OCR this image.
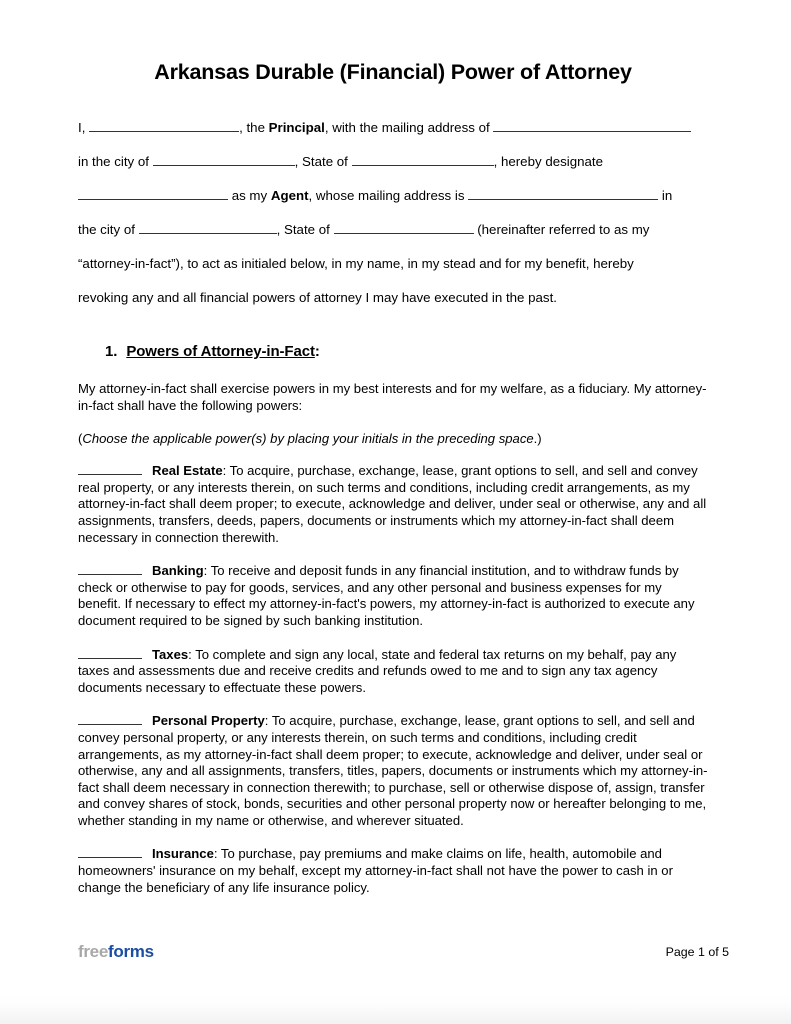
Arkansas Durable (Financial) Power of Attorney
I,	, the Principal, with the mailing address of
in the city of	, State of	, hereby designate
as my Agent, whose mailing address is	in
the city of	, State of	(hereinafter referred to as my
“attorney-in-fact”), to act as initialed below, in my name, in my stead and for my benefit, hereby
revoking any and all financial powers of attorney I may have executed in the past.
1. Powers of Attorney-in-Fact:

My attorney-in-fact shall exercise powers in my best interests and for my welfare, as a fiduciary. My attorney-in-fact shall have the following powers:

(Choose the applicable power(s) by placing your initials in the preceding space.)

Real Estate: To acquire, purchase, exchange, lease, grant options to sell, and sell and convey real property, or any interests therein, on such terms and conditions, including credit arrangements, as my attorney-in-fact shall deem proper; to execute, acknowledge and deliver, under seal or otherwise, any and all assignments, transfers, deeds, papers, documents or instruments which my attorney-in-fact shall deem necessary in connection therewith.
Banking: To receive and deposit funds in any financial institution, and to withdraw funds by check or otherwise to pay for goods, services, and any other personal and business expenses for my benefit. If necessary to effect my attorney-in-fact's powers, my attorney-in-fact is authorized to execute any document required to be signed by such banking institution.
Taxes: To complete and sign any local, state and federal tax returns on my behalf, pay any taxes and assessments due and receive credits and refunds owed to me and to sign any tax agency documents necessary to effectuate these powers.
Personal Property: To acquire, purchase, exchange, lease, grant options to sell, and sell and convey personal property, or any interests therein, on such terms and conditions, including credit arrangements, as my attorney-in-fact shall deem proper; to execute, acknowledge and deliver, under seal or otherwise, any and all assignments, transfers, titles, papers, documents or instruments which my attorney-in-fact shall deem necessary in connection therewith; to purchase, sell or otherwise dispose of, assign, transfer and convey shares of stock, bonds, securities and other personal property now or hereafter belonging to me, whether standing in my name or otherwise, and wherever situated.
Insurance: To purchase, pay premiums and make claims on life, health, automobile and homeowners' insurance on my behalf, except my attorney-in-fact shall not have the power to cash in or change the beneficiary of any life insurance policy.
freeforms	Page 1 of 5
